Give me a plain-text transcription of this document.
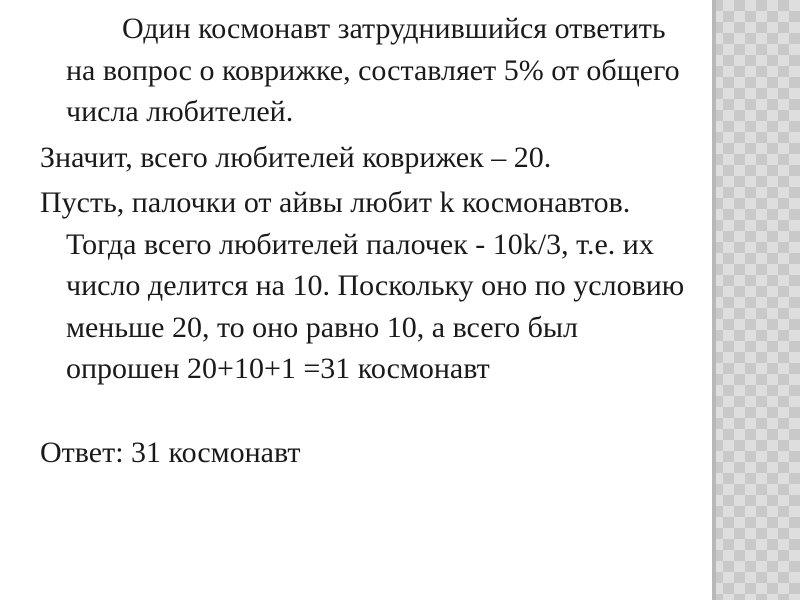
Один космонавт затруднившийся ответить на вопрос о коврижке, составляет 5% от общего числа любителей.

Значит, всего любителей коврижек – 20.

Пусть, палочки от айвы любит k космонавтов. Тогда всего любителей палочек - 10k/3, т.е. их число делится на 10. Поскольку оно по условию меньше 20, то оно равно 10, а всего был опрошен 20+10+1 =31 космонавт

Ответ: 31 космонавт
